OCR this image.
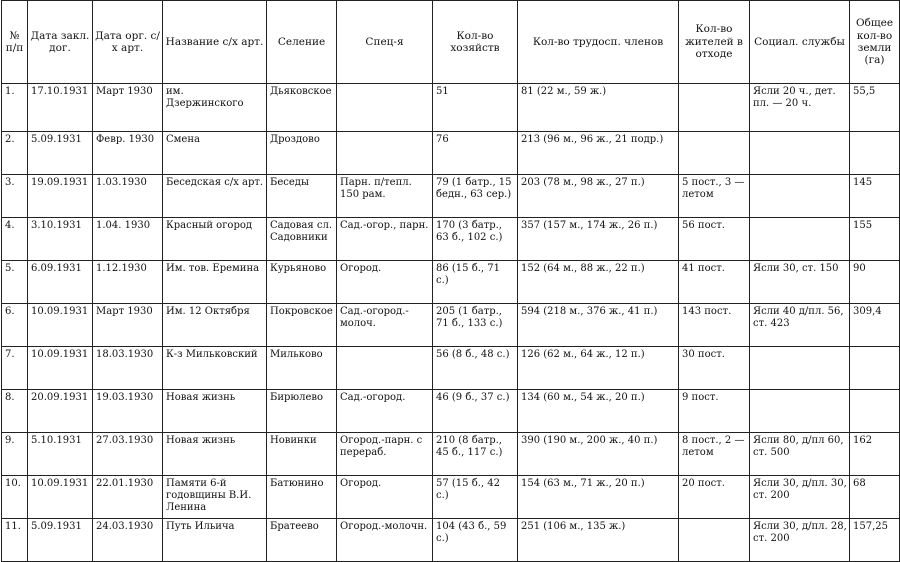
№ п/п	Дата закл. дог.	Дата орг. с/х арт.	Название с/х арт.	Селение	Спец-я	Кол-во хозяйств	Кол-во трудосп. членов	Кол-во жителей в отходе	Социал. службы	Общее кол-во земли (га)
1.	17.10.1931	Март 1930	им. Дзержинского	Дьяковское		51	81 (22 м., 59 ж.)		Ясли 20 ч., дет. пл. — 20 ч.	55,5
2.	5.09.1931	Февр. 1930	Смена	Дроздово		76	213 (96 м., 96 ж., 21 подр.)			
3.	19.09.1931	1.03.1930	Беседская с/х арт.	Беседы	Парн. п/тепл. 150 рам.	79 (1 батр., 15 бедн., 63 сер.)	203 (78 м., 98 ж., 27 п.)	5 пост., 3 — летом		145
4.	3.10.1931	1.04. 1930	Красный огород	Садовая сл. Садовники	Сад.-огор., парн.	170 (3 батр., 63 б., 102 с.)	357 (157 м., 174 ж., 26 п.)	56 пост.		155
5.	6.09.1931	1.12.1930	Им. тов. Еремина	Курьяново	Огород.	86 (15 б., 71 с.)	152 (64 м., 88 ж., 22 п.)	41 пост.	Ясли 30, ст. 150	90
6.	10.09.1931	Март 1930	Им. 12 Октября	Покровское	Сад.-огород.-молоч.	205 (1 батр., 71 б., 133 с.)	594 (218 м., 376 ж., 41 п.)	143 пост.	Ясли 40 д/пл. 56, ст. 423	309,4
7.	10.09.1931	18.03.1930	К-з Мильковский	Мильково		56 (8 б., 48 с.)	126 (62 м., 64 ж., 12 п.)	30 пост.		
8.	20.09.1931	19.03.1930	Новая жизнь	Бирюлево	Сад.-огород.	46 (9 б., 37 с.)	134 (60 м., 54 ж., 20 п.)	9 пост.		
9.	5.10.1931	27.03.1930	Новая жизнь	Новинки	Огород.-парн. с перераб.	210 (8 батр., 45 б., 117 с.)	390 (190 м., 200 ж., 40 п.)	8 пост., 2 — летом	Ясли 80, д/пл 60, ст. 500	162
10.	10.09.1931	22.01.1930	Памяти 6-й годовщины В.И. Ленина	Батюнино	Огород.	57 (15 б., 42 с.)	154 (63 м., 71 ж., 20 п.)	20 пост.	Ясли 30, д/пл. 30, ст. 200	68
11.	5.09.1931	24.03.1930	Путь Ильича	Братеево	Огород.-молочн.	104 (43 б., 59 с.)	251 (106 м., 135 ж.)		Ясли 30, д/пл. 28, ст. 200	157,25
